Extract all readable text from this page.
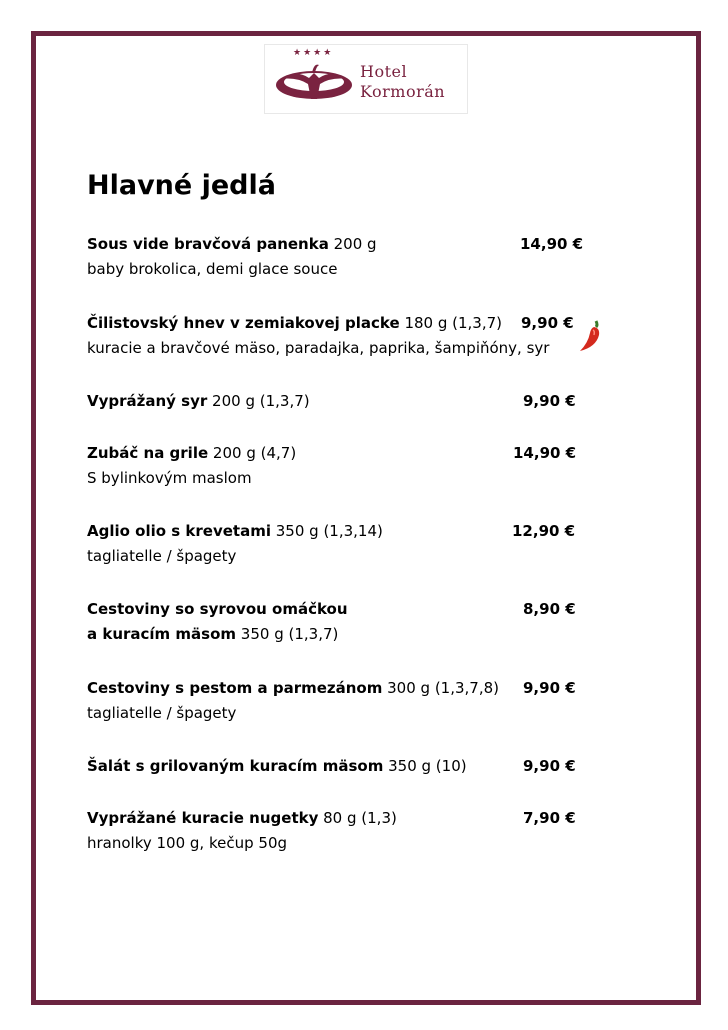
★★★★
Hotel
Kormorán
Hlavné jedlá
Sous vide bravčová panenka 200 g
baby brokolica, demi glace souce
14,90 €
Čilistovský hnev v zemiakovej placke 180 g (1,3,7)
kuracie a bravčové mäso, paradajka, paprika, šampiňóny, syr
9,90 €
Vyprážaný syr 200 g (1,3,7)	9,90 €
Zubáč na grile 200 g (4,7)
S bylinkovým maslom
14,90 €
Aglio olio s krevetami 350 g (1,3,14)
tagliatelle / špagety
12,90 €
Cestoviny so syrovou omáčkou
a kuracím mäsom 350 g (1,3,7)
8,90 €
Cestoviny s pestom a parmezánom 300 g (1,3,7,8)
tagliatelle / špagety
9,90 €
Šalát s grilovaným kuracím mäsom 350 g (10)	9,90 €
Vyprážané kuracie nugetky 80 g (1,3)
hranolky 100 g, kečup 50g
7,90 €
